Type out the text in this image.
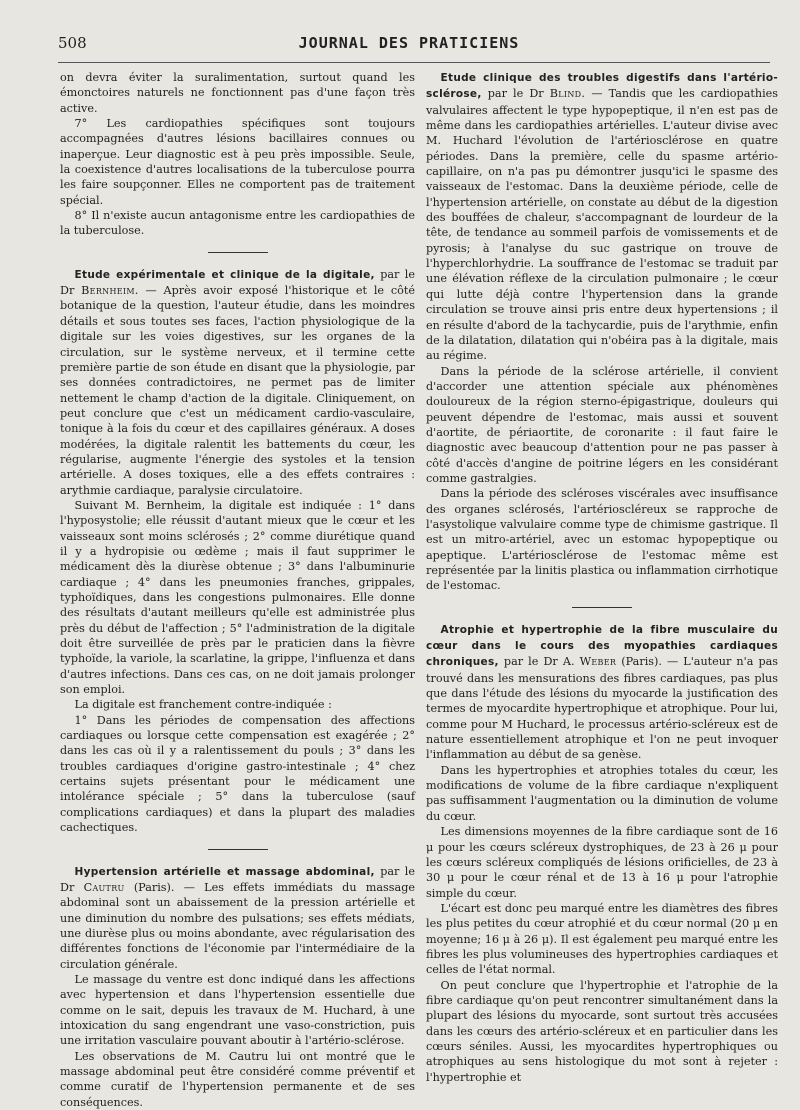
508	JOURNAL DES PRATICIENS

on devra éviter la suralimentation, surtout quand les émonctoires naturels ne fonctionnent pas d'une façon très active.

7° Les cardiopathies spécifiques sont toujours accompagnées d'autres lésions bacillaires connues ou inaperçue. Leur diagnostic est à peu près impossible. Seule, la coexistence d'autres localisations de la tuberculose pourra les faire soupçonner. Elles ne comportent pas de traitement spécial.

8° Il n'existe aucun antagonisme entre les cardiopathies de la tuberculose.

Etude expérimentale et clinique de la digitale, par le Dr Bernheim. — Après avoir exposé l'historique et le côté botanique de la question, l'auteur étudie, dans les moindres détails et sous toutes ses faces, l'action physiologique de la digitale sur les voies digestives, sur les organes de la circulation, sur le système nerveux, et il termine cette première partie de son étude en disant que la physiologie, par ses données contradictoires, ne permet pas de limiter nettement le champ d'action de la digitale. Cliniquement, on peut conclure que c'est un médicament cardio-vasculaire, tonique à la fois du cœur et des capillaires généraux. A doses modérées, la digitale ralentit les battements du cœur, les régularise, augmente l'énergie des systoles et la tension artérielle. A doses toxiques, elle a des effets contraires : arythmie cardiaque, paralysie circulatoire.

Suivant M. Bernheim, la digitale est indiquée : 1° dans l'hyposystolie; elle réussit d'autant mieux que le cœur et les vaisseaux sont moins sclérosés ; 2° comme diurétique quand il y a hydropisie ou œdème ; mais il faut supprimer le médicament dès la diurèse obtenue ; 3° dans l'albuminurie cardiaque ; 4° dans les pneumonies franches, grippales, typhoïdiques, dans les congestions pulmonaires. Elle donne des résultats d'autant meilleurs qu'elle est administrée plus près du début de l'affection ; 5° l'administration de la digitale doit être surveillée de près par le praticien dans la fièvre typhoïde, la variole, la scarlatine, la grippe, l'influenza et dans d'autres infections. Dans ces cas, on ne doit jamais prolonger son emploi.

La digitale est franchement contre-indiquée :

1° Dans les périodes de compensation des affections cardiaques ou lorsque cette compensation est exagérée ; 2° dans les cas où il y a ralentissement du pouls ; 3° dans les troubles cardiaques d'origine gastro-intestinale ; 4° chez certains sujets présentant pour le médicament une intolérance spéciale ; 5° dans la tuberculose (sauf complications cardiaques) et dans la plupart des maladies cachectiques.

Hypertension artérielle et massage abdominal, par le Dr Cautru (Paris). — Les effets immédiats du massage abdominal sont un abaissement de la pression artérielle et une diminution du nombre des pulsations; ses effets médiats, une diurèse plus ou moins abondante, avec régularisation des différentes fonctions de l'économie par l'intermédiaire de la circulation générale.

Le massage du ventre est donc indiqué dans les affections avec hypertension et dans l'hypertension essentielle due comme on le sait, depuis les travaux de M. Huchard, à une intoxication du sang engendrant une vaso-constriction, puis une irritation vasculaire pouvant aboutir à l'artério-sclérose.

Les observations de M. Cautru lui ont montré que le massage abdominal peut être considéré comme préventif et comme curatif de l'hypertension permanente et de ses conséquences.

Etude clinique des troubles digestifs dans l'artério-sclérose, par le Dr Blind. — Tandis que les cardiopathies valvulaires affectent le type hypopeptique, il n'en est pas de même dans les cardiopathies artérielles. L'auteur divise avec M. Huchard l'évolution de l'artériosclérose en quatre périodes. Dans la première, celle du spasme artério-capillaire, on n'a pas pu démontrer jusqu'ici le spasme des vaisseaux de l'estomac. Dans la deuxième période, celle de l'hypertension artérielle, on constate au début de la digestion des bouffées de chaleur, s'accompagnant de lourdeur de la tête, de tendance au sommeil parfois de vomissements et de pyrosis; à l'analyse du suc gastrique on trouve de l'hyperchlorhydrie. La souffrance de l'estomac se traduit par une élévation réflexe de la circulation pulmonaire ; le cœur qui lutte déjà contre l'hypertension dans la grande circulation se trouve ainsi pris entre deux hypertensions ; il en résulte d'abord de la tachycardie, puis de l'arythmie, enfin de la dilatation, dilatation qui n'obéira pas à la digitale, mais au régime.

Dans la période de la sclérose artérielle, il convient d'accorder une attention spéciale aux phénomènes douloureux de la région sterno-épigastrique, douleurs qui peuvent dépendre de l'estomac, mais aussi et souvent d'aortite, de périaortite, de coronarite : il faut faire le diagnostic avec beaucoup d'attention pour ne pas passer à côté d'accès d'angine de poitrine légers en les considérant comme gastralgies.

Dans la période des scléroses viscérales avec insuffisance des organes sclérosés, l'artérioscléreux se rapproche de l'asystolique valvulaire comme type de chimisme gastrique. Il est un mitro-artériel, avec un estomac hypopeptique ou apeptique. L'artériosclérose de l'estomac même est représentée par la linitis plastica ou inflammation cirrhotique de l'estomac.

Atrophie et hypertrophie de la fibre musculaire du cœur dans le cours des myopathies cardiaques chroniques, par le Dr A. Weber (Paris). — L'auteur n'a pas trouvé dans les mensurations des fibres cardiaques, pas plus que dans l'étude des lésions du myocarde la justification des termes de myocardite hypertrophique et atrophique. Pour lui, comme pour M Huchard, le processus artério-scléreux est de nature essentiellement atrophique et l'on ne peut invoquer l'inflammation au début de sa genèse.

Dans les hypertrophies et atrophies totales du cœur, les modifications de volume de la fibre cardiaque n'expliquent pas suffisamment l'augmentation ou la diminution de volume du cœur.

Les dimensions moyennes de la fibre cardiaque sont de 16 μ pour les cœurs scléreux dystrophiques, de 23 à 26 μ pour les cœurs scléreux compliqués de lésions orificielles, de 23 à 30 μ pour le cœur rénal et de 13 à 16 μ pour l'atrophie simple du cœur.

L'écart est donc peu marqué entre les diamètres des fibres les plus petites du cœur atrophié et du cœur normal (20 μ en moyenne; 16 μ à 26 μ). Il est également peu marqué entre les fibres les plus volumineuses des hypertrophies cardiaques et celles de l'état normal.

On peut conclure que l'hypertrophie et l'atrophie de la fibre cardiaque qu'on peut rencontrer simultanément dans la plupart des lésions du myocarde, sont surtout très accusées dans les cœurs des artério-scléreux et en particulier dans les cœurs séniles. Aussi, les myocardites hypertrophiques ou atrophiques au sens histologique du mot sont à rejeter : l'hypertrophie et
